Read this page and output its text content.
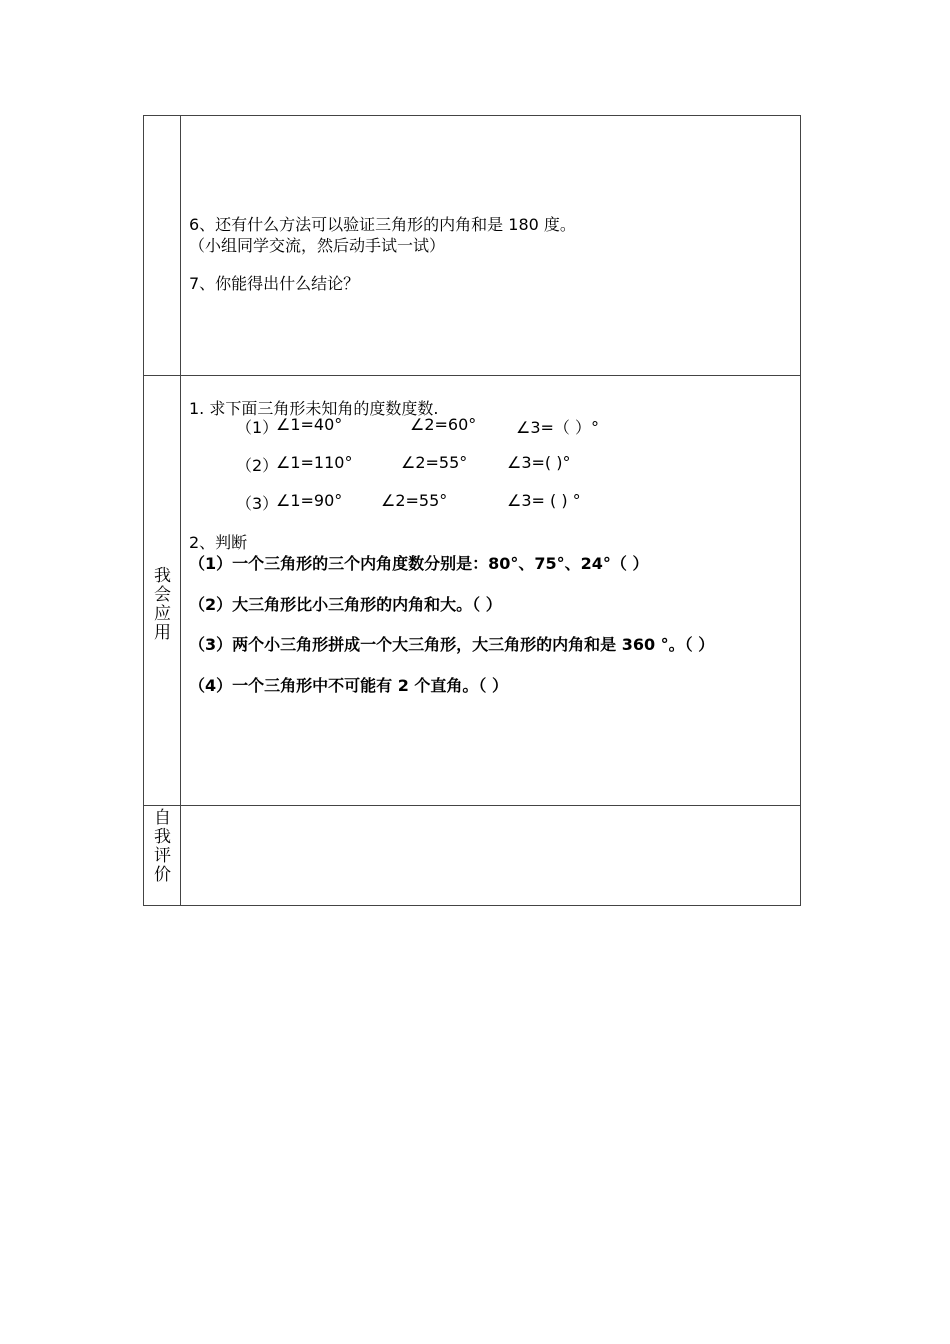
6、还有什么方法可以验证三角形的内角和是 180 度。
（小组同学交流，然后动手试一试）
7、你能得出什么结论？
我
会
应
用
1. 求下面三角形未知角的度数度数.
（1）
∠1=40°	∠2=60° ∠3=（ ）°
（2）
∠1=110°	∠2=55° ∠3=( )°
（3）
∠1=90° ∠2=55°	∠3= ( ) °
2、判断
（1）一个三角形的三个内角度数分别是：80°、75°、24°（ ）
（2）大三角形比小三角形的内角和大。（ ）
（3）两个小三角形拼成一个大三角形，大三角形的内角和是 360 °。（ ）
（4）一个三角形中不可能有 2 个直角。（ ）
自
我
评
价
